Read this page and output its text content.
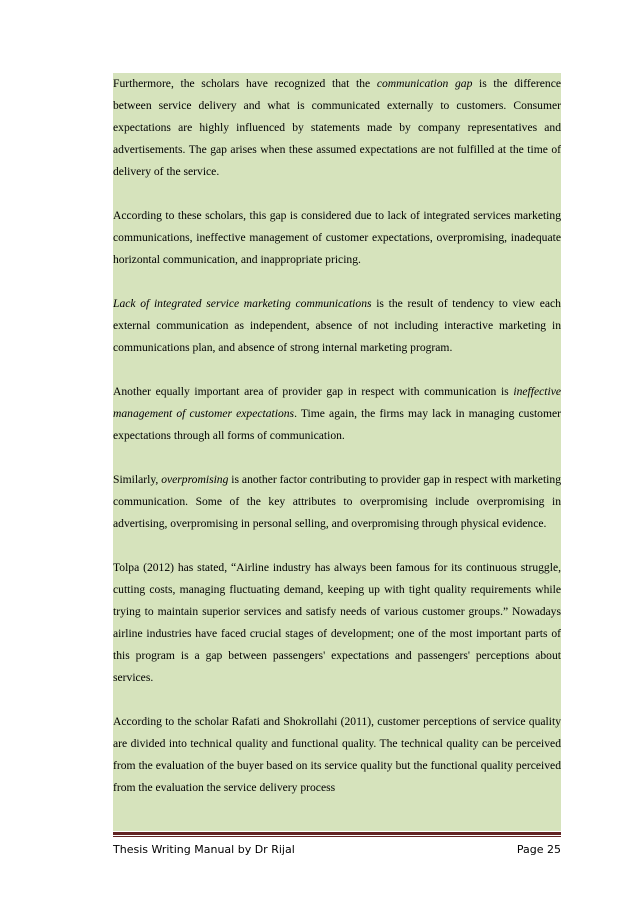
Furthermore, the scholars have recognized that the communication gap is the difference between service delivery and what is communicated externally to customers. Consumer expectations are highly influenced by statements made by company representatives and advertisements. The gap arises when these assumed expectations are not fulfilled at the time of delivery of the service.

According to these scholars, this gap is considered due to lack of integrated services marketing communications, ineffective management of customer expectations, overpromising, inadequate horizontal communication, and inappropriate pricing.

Lack of integrated service marketing communications is the result of tendency to view each external communication as independent, absence of not including interactive marketing in communications plan, and absence of strong internal marketing program.

Another equally important area of provider gap in respect with communication is ineffective management of customer expectations. Time again, the firms may lack in managing customer expectations through all forms of communication.

Similarly, overpromising is another factor contributing to provider gap in respect with marketing communication. Some of the key attributes to overpromising include overpromising in advertising, overpromising in personal selling, and overpromising through physical evidence.

Tolpa (2012) has stated, “Airline industry has always been famous for its continuous struggle, cutting costs, managing fluctuating demand, keeping up with tight quality requirements while trying to maintain superior services and satisfy needs of various customer groups.” Nowadays airline industries have faced crucial stages of development; one of the most important parts of this program is a gap between passengers' expectations and passengers' perceptions about services.

According to the scholar Rafati and Shokrollahi (2011), customer perceptions of service quality are divided into technical quality and functional quality. The technical quality can be perceived from the evaluation of the buyer based on its service quality but the functional quality perceived from the evaluation the service delivery process

Thesis Writing Manual by Dr Rijal	Page 25
